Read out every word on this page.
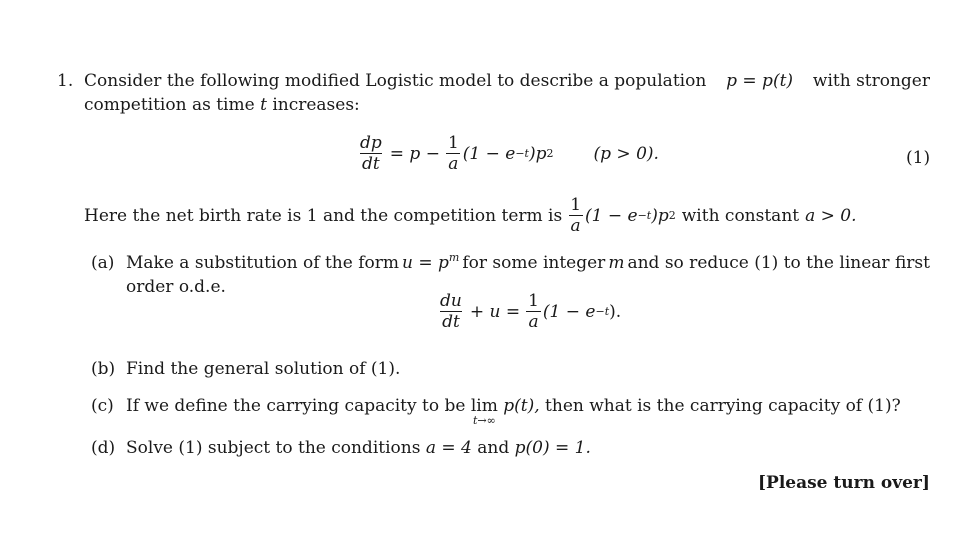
1. Consider the following modified Logistic model to describe a population p = p(t) with stronger
competition as time t increases:
$\frac{dp}{dt} = p - \frac{1}{a} (1 - e -t$ )p 2 (p > 0).	(1)
Here the net birth rate is 1 and the competition term is $\frac{1}{a} (1 - e -t$ )p 2 with constant a > 0.
(a) Make a substitution of the form $u = p^m$ for some integer m and so reduce (1) to the linear first
order o.d.e.
$\frac{du}{dt} + u = \frac{1}{a} (1 - e -t$ ).
(b) Find the general solution of (1).
(c) If we define the carrying capacity to be lim
t→∞
p(t), then what is the carrying capacity of (1)?
(d) Solve (1) subject to the conditions a = 4 and p(0) = 1.
[Please turn over]
